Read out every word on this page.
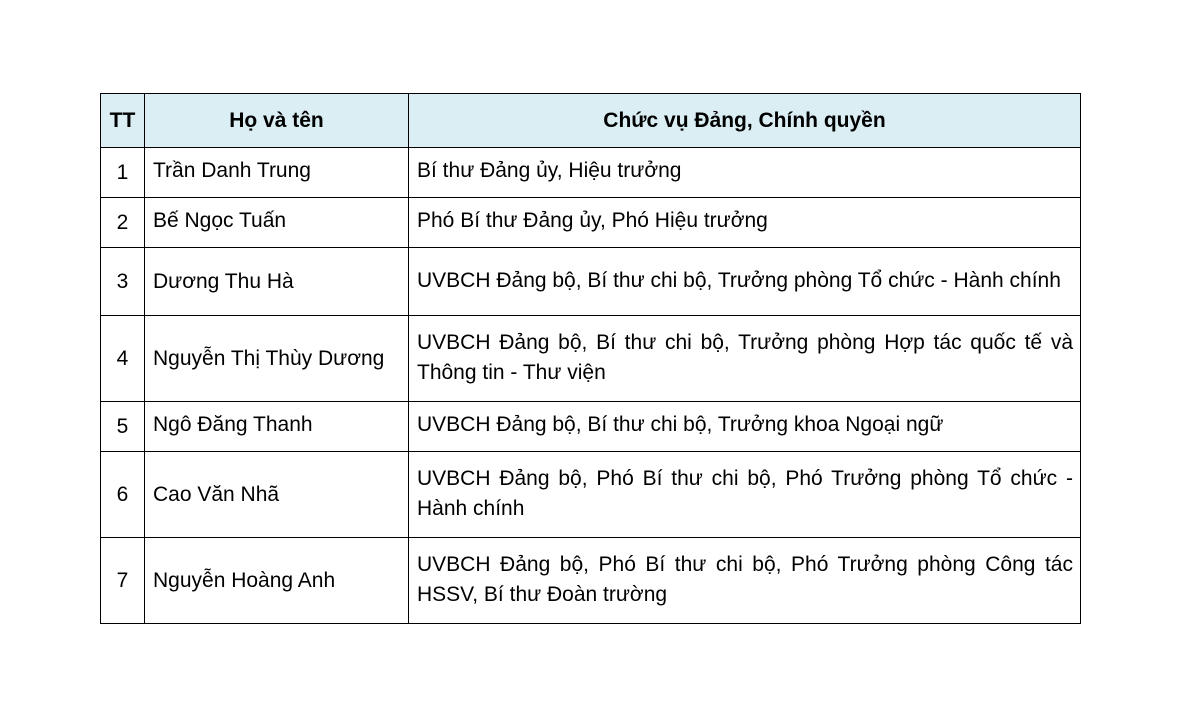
TT	Họ và tên	Chức vụ Đảng, Chính quyền
1	Trần Danh Trung	Bí thư Đảng ủy, Hiệu trưởng
2	Bế Ngọc Tuấn	Phó Bí thư Đảng ủy, Phó Hiệu trưởng
3	Dương Thu Hà	UVBCH Đảng bộ, Bí thư chi bộ, Trưởng phòng Tổ chức - Hành chính
4	Nguyễn Thị Thùy Dương	UVBCH Đảng bộ, Bí thư chi bộ, Trưởng phòng Hợp tác quốc tế và Thông tin - Thư viện
5	Ngô Đăng Thanh	UVBCH Đảng bộ, Bí thư chi bộ, Trưởng khoa Ngoại ngữ
6	Cao Văn Nhã	UVBCH Đảng bộ, Phó Bí thư chi bộ, Phó Trưởng phòng Tổ chức - Hành chính
7	Nguyễn Hoàng Anh	UVBCH Đảng bộ, Phó Bí thư chi bộ, Phó Trưởng phòng Công tác HSSV, Bí thư Đoàn trường
